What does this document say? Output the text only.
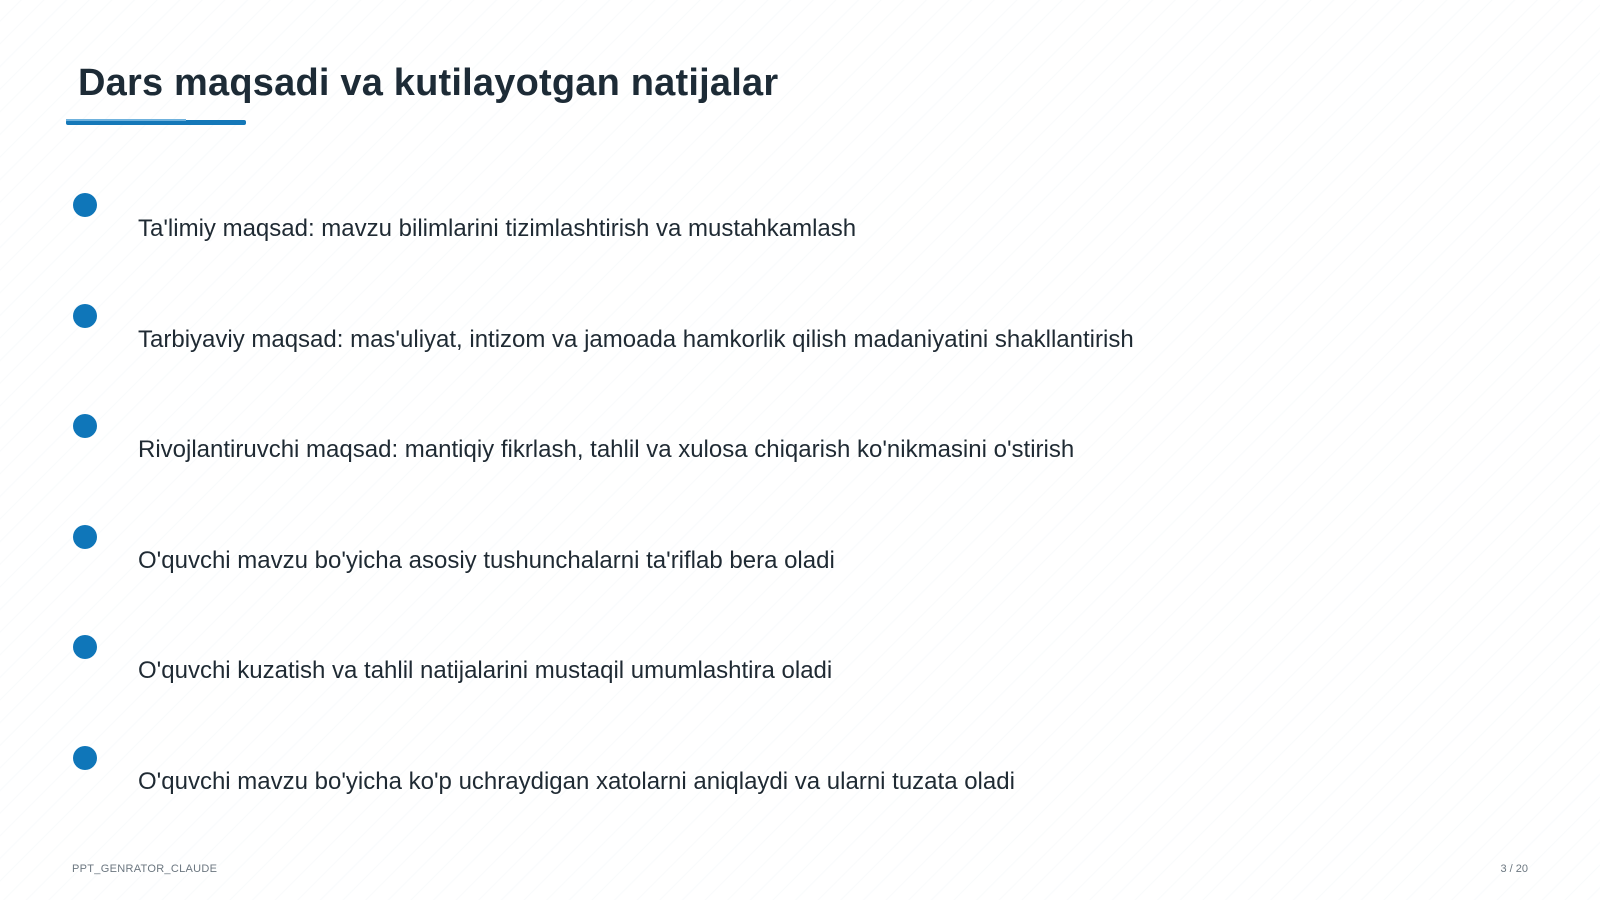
Dars maqsadi va kutilayotgan natijalar
Ta'limiy maqsad: mavzu bilimlarini tizimlashtirish va mustahkamlash
Tarbiyaviy maqsad: mas'uliyat, intizom va jamoada hamkorlik qilish madaniyatini shakllantirish
Rivojlantiruvchi maqsad: mantiqiy fikrlash, tahlil va xulosa chiqarish ko'nikmasini o'stirish
O'quvchi mavzu bo'yicha asosiy tushunchalarni ta'riflab bera oladi
O'quvchi kuzatish va tahlil natijalarini mustaqil umumlashtira oladi
O'quvchi mavzu bo'yicha ko'p uchraydigan xatolarni aniqlaydi va ularni tuzata oladi
PPT_GENRATOR_CLAUDE	3 / 20
